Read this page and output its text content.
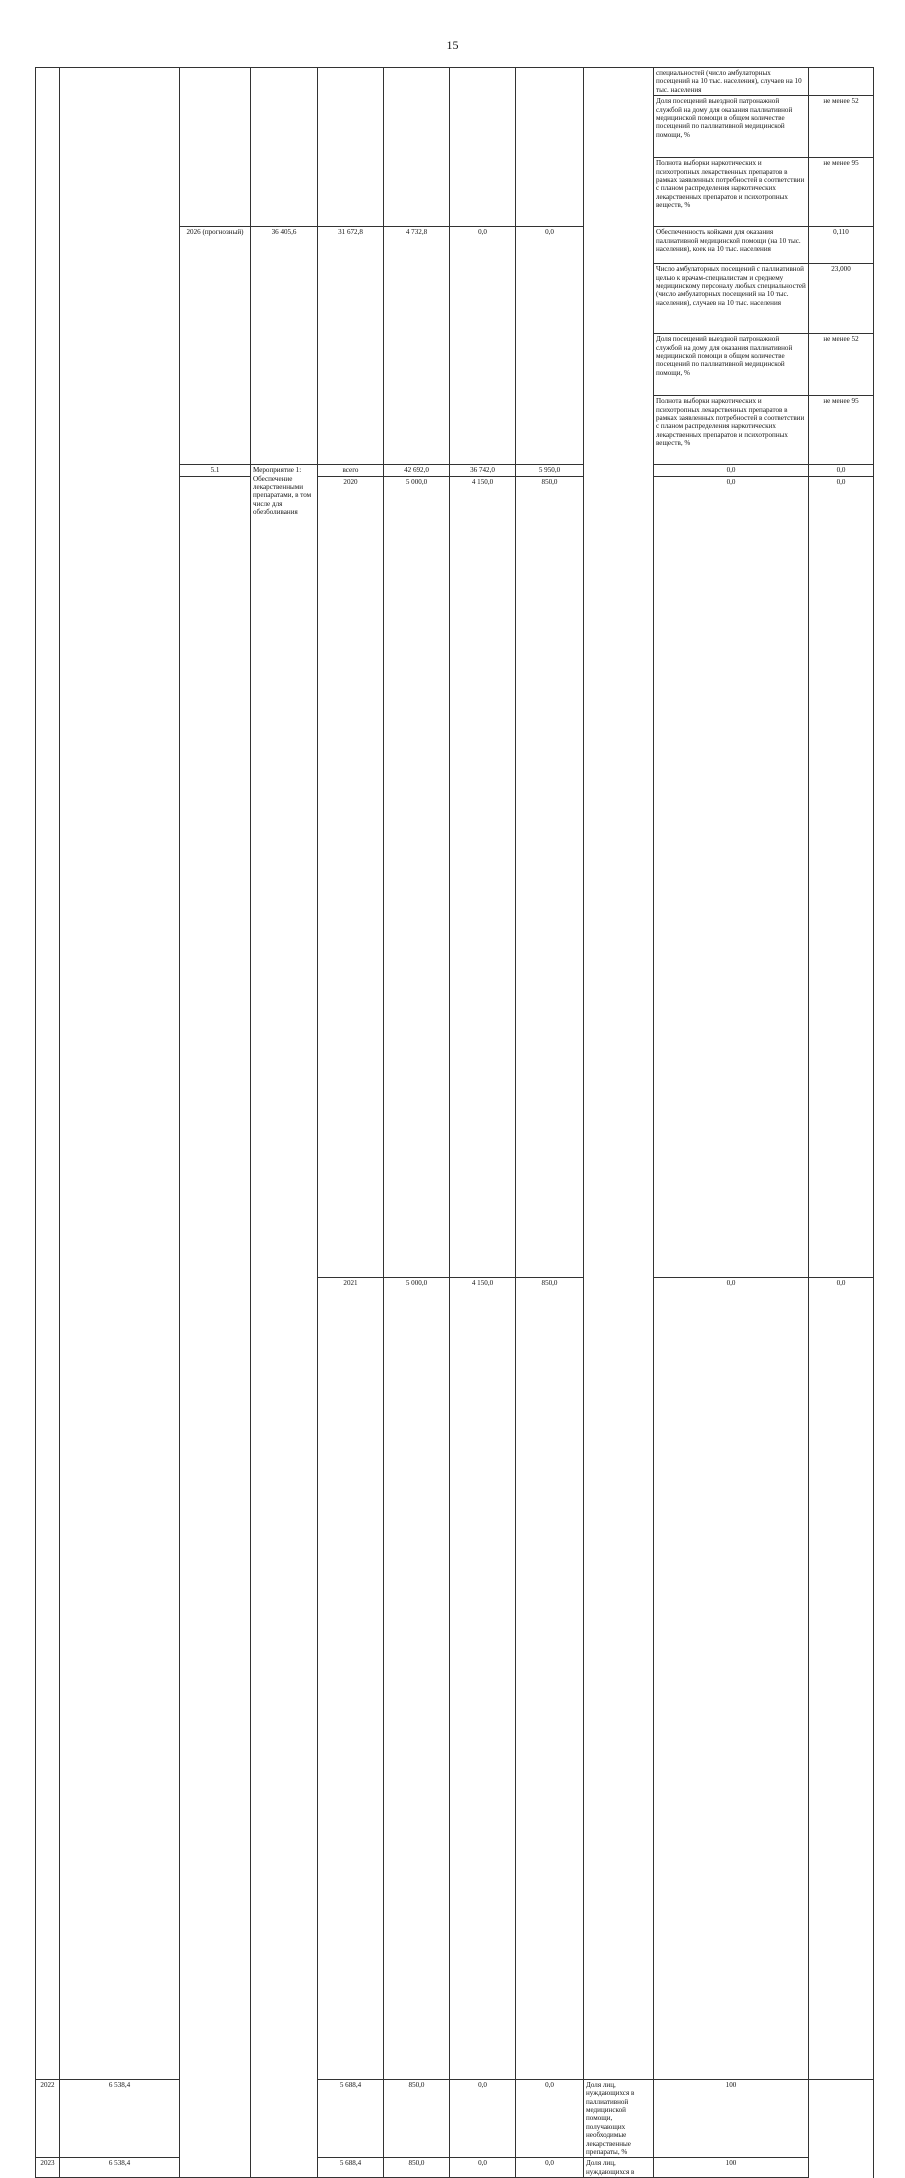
15
									специальностей (число амбулаторных посещений на 10 тыс. населения), случаев на 10 тыс. населения		
									Доля посещений выездной патронажной службой на дому для оказания паллиативной медицинской помощи в общем количестве посещений по паллиативной медицинской помощи, %	не менее 52	
									Полнота выборки наркотических и психотропных лекарственных препаратов в рамках заявленных потребностей в соответствии с планом распределения наркотических лекарственных препаратов и психотропных веществ, %	не менее 95	
		2026 (прогнозный)	36 405,6	31 672,8	4 732,8	0,0	0,0		Обеспеченность койками для оказания паллиативной медицинской помощи (на 10 тыс. населения), коек на 10 тыс. населения	0,110	
									Число амбулаторных посещений с паллиативной целью к врачам-специалистам и среднему медицинскому персоналу любых специальностей (число амбулаторных посещений на 10 тыс. населения), случаев на 10 тыс. населения	23,000	
									Доля посещений выездной патронажной службой на дому для оказания паллиативной медицинской помощи в общем количестве посещений по паллиативной медицинской помощи, %	не менее 52	
									Полнота выборки наркотических и психотропных лекарственных препаратов в рамках заявленных потребностей в соответствии с планом распределения наркотических лекарственных препаратов и психотропных веществ, %	не менее 95	
		5.1	Мероприятие 1: Обеспечение лекарственными препаратами, в том числе для обезболивания	всего	42 692,0	36 742,0	5 950,0		0,0	0,0			
				2020	5 000,0	4 150,0	850,0		0,0	0,0		
				2021	5 000,0	4 150,0	850,0		0,0	0,0		
2022	6 538,4			5 688,4	850,0	0,0	0,0	Доля лиц, нуждающихся в паллиативной медицинской помощи, получающих необходимые лекарственные препараты, %	100		
2023	6 538,4			5 688,4	850,0	0,0	0,0	Доля лиц, нуждающихся в	100		
